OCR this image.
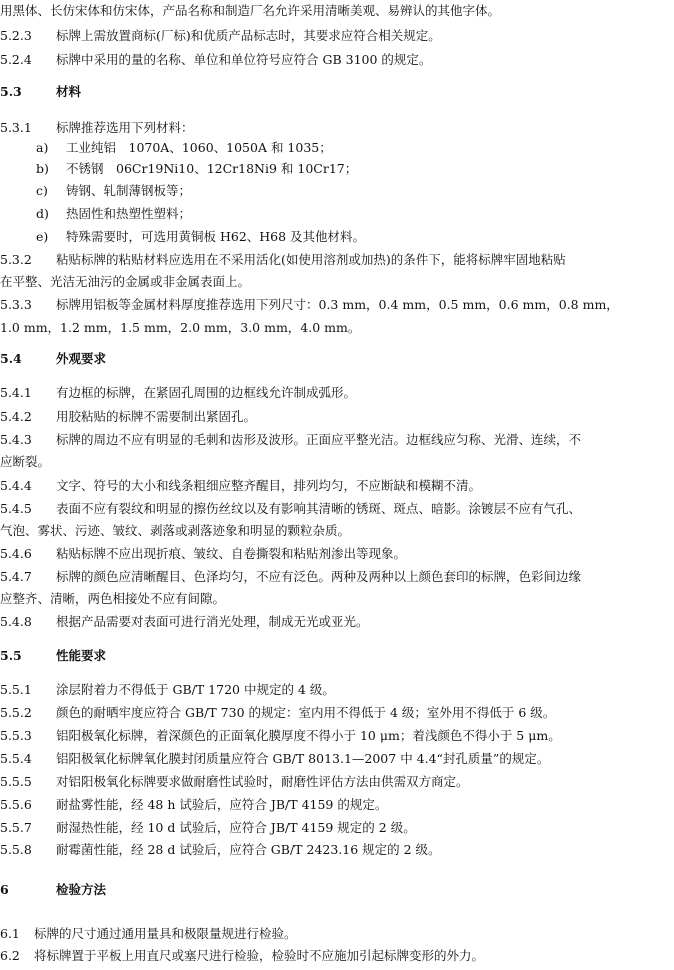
用黑体、长仿宋体和仿宋体，产品名称和制造厂名允许采用清晰美观、易辨认的其他字体。
5.2.3 标牌上需放置商标(厂标)和优质产品标志时，其要求应符合相关规定。
5.2.4 标牌中采用的量的名称、单位和单位符号应符合 GB 3100 的规定。
5.3	材料
5.3.1 标牌推荐选用下列材料：
a) 工业纯铝　1070A、1060、1050A 和 1035；
b) 不锈钢　06Cr19Ni10、12Cr18Ni9 和 10Cr17；
c) 铸钢、轧制薄钢板等；
d) 热固性和热塑性塑料；
e) 特殊需要时，可选用黄铜板 H62、H68 及其他材料。
5.3.2 粘贴标牌的粘贴材料应选用在不采用活化(如使用溶剂或加热)的条件下，能将标牌牢固地粘贴
在平整、光洁无油污的金属或非金属表面上。
5.3.3 标牌用铝板等金属材料厚度推荐选用下列尺寸：0.3 mm，0.4 mm，0.5 mm，0.6 mm，0.8 mm，
1.0 mm，1.2 mm，1.5 mm，2.0 mm，3.0 mm，4.0 mm。
5.4	外观要求
5.4.1 有边框的标牌，在紧固孔周围的边框线允许制成弧形。
5.4.2 用胶粘贴的标牌不需要制出紧固孔。
5.4.3 标牌的周边不应有明显的毛刺和齿形及波形。正面应平整光洁。边框线应匀称、光滑、连续，不
应断裂。
5.4.4 文字、符号的大小和线条粗细应整齐醒目，排列均匀，不应断缺和模糊不清。
5.4.5 表面不应有裂纹和明显的擦伤丝纹以及有影响其清晰的锈斑、斑点、暗影。涂镀层不应有气孔、
气泡、雾状、污迹、皱纹、剥落或剥落迹象和明显的颗粒杂质。
5.4.6 粘贴标牌不应出现折痕、皱纹、自卷撕裂和粘贴剂渗出等现象。
5.4.7 标牌的颜色应清晰醒目、色泽均匀，不应有泛色。两种及两种以上颜色套印的标牌，色彩间边缘
应整齐、清晰，两色相接处不应有间隙。
5.4.8 根据产品需要对表面可进行消光处理，制成无光或亚光。
5.5	性能要求
5.5.1 涂层附着力不得低于 GB/T 1720 中规定的 4 级。
5.5.2 颜色的耐晒牢度应符合 GB/T 730 的规定：室内用不得低于 4 级；室外用不得低于 6 级。
5.5.3 铝阳极氧化标牌，着深颜色的正面氧化膜厚度不得小于 10 μm；着浅颜色不得小于 5 μm。
5.5.4 铝阳极氧化标牌氧化膜封闭质量应符合 GB/T 8013.1—2007 中 4.4“封孔质量”的规定。
5.5.5 对铝阳极氧化标牌要求做耐磨性试验时，耐磨性评估方法由供需双方商定。
5.5.6 耐盐雾性能，经 48 h 试验后，应符合 JB/T 4159 的规定。
5.5.7 耐湿热性能，经 10 d 试验后，应符合 JB/T 4159 规定的 2 级。
5.5.8 耐霉菌性能，经 28 d 试验后，应符合 GB/T 2423.16 规定的 2 级。
6	检验方法
6.1 标牌的尺寸通过通用量具和极限量规进行检验。
6.2 将标牌置于平板上用直尺或塞尺进行检验，检验时不应施加引起标牌变形的外力。
